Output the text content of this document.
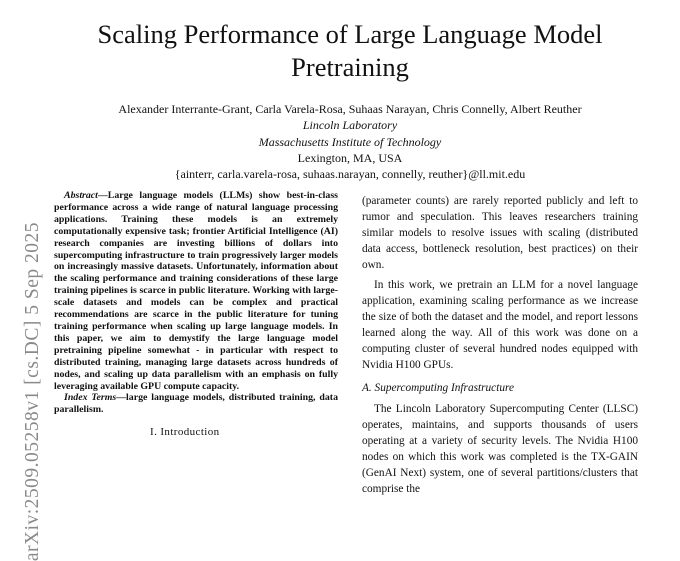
arXiv:2509.05258v1 [cs.DC] 5 Sep 2025
Scaling Performance of Large Language Model
Pretraining
Alexander Interrante-Grant, Carla Varela-Rosa, Suhaas Narayan, Chris Connelly, Albert Reuther
Lincoln Laboratory
Massachusetts Institute of Technology
Lexington, MA, USA
{ainterr, carla.varela-rosa, suhaas.narayan, connelly, reuther}@ll.mit.edu

Abstract—Large language models (LLMs) show best-in-class performance across a wide range of natural language processing applications. Training these models is an extremely computationally expensive task; frontier Artificial Intelligence (AI) research companies are investing billions of dollars into supercomputing infrastructure to train progressively larger models on increasingly massive datasets. Unfortunately, information about the scaling performance and training considerations of these large training pipelines is scarce in public literature. Working with large-scale datasets and models can be complex and practical recommendations are scarce in the public literature for tuning training performance when scaling up large language models. In this paper, we aim to demystify the large language model pretraining pipeline somewhat - in particular with respect to distributed training, managing large datasets across hundreds of nodes, and scaling up data parallelism with an emphasis on fully leveraging available GPU compute capacity.

Index Terms—large language models, distributed training, data parallelism.

I. Introduction

(parameter counts) are rarely reported publicly and left to rumor and speculation. This leaves researchers training similar models to resolve issues with scaling (distributed data access, bottleneck resolution, best practices) on their own.

In this work, we pretrain an LLM for a novel language application, examining scaling performance as we increase the size of both the dataset and the model, and report lessons learned along the way. All of this work was done on a computing cluster of several hundred nodes equipped with Nvidia H100 GPUs.

A. Supercomputing Infrastructure

The Lincoln Laboratory Supercomputing Center (LLSC) operates, maintains, and supports thousands of users operating at a variety of security levels. The Nvidia H100 nodes on which this work was completed is the TX-GAIN (GenAI Next) system, one of several partitions/clusters that comprise the
